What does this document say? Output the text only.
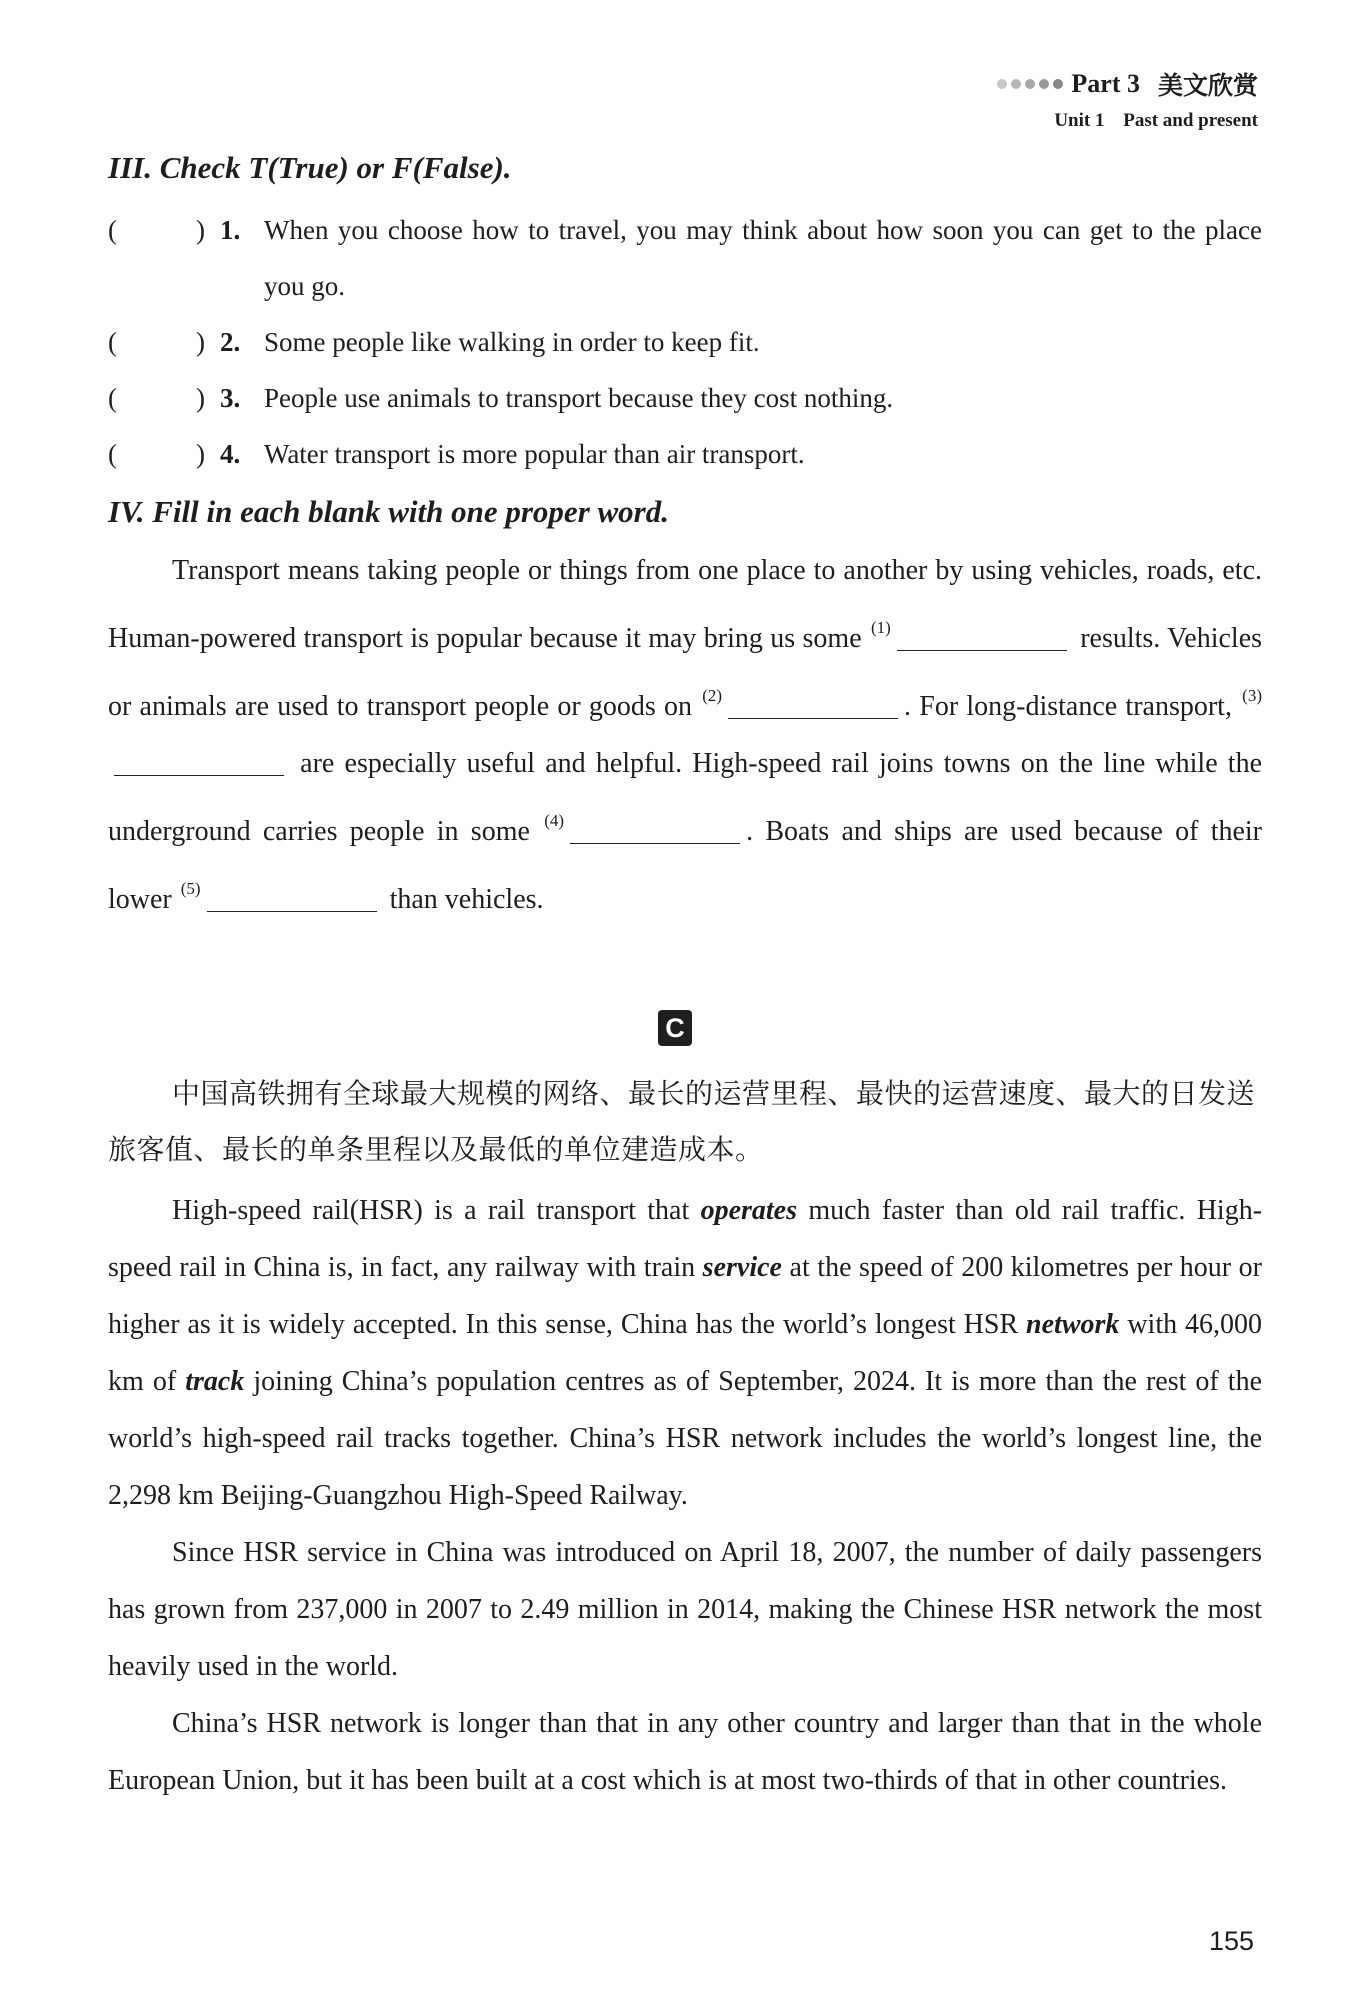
Part 3 美文欣赏
Unit 1 Past and present
III. Check T(True) or F(False).
(	) 1. When you choose how to travel, you may think about how soon you can get to the place you go.
(	) 2. Some people like walking in order to keep fit.
(	) 3. People use animals to transport because they cost nothing.
(	) 4. Water transport is more popular than air transport.
IV. Fill in each blank with one proper word.

Transport means taking people or things from one place to another by using vehicles, roads, etc. Human-powered transport is popular because it may bring us some $^{(1)}$	results. Vehicles or animals are used to transport people or goods on $^{(2)}$	. For long-distance transport, $^{(3)}$ are especially useful and helpful. High-speed rail joins towns on the line while the underground carries people in some $^{(4)}$	. Boats and ships are used because of their lower $^{(5)}$	than vehicles.

C

中国高铁拥有全球最大规模的网络、最长的运营里程、最快的运营速度、最大的日发送旅客值、最长的单条里程以及最低的单位建造成本。

High-speed rail(HSR) is a rail transport that operates much faster than old rail traffic. High-speed rail in China is, in fact, any railway with train service at the speed of 200 kilometres per hour or higher as it is widely accepted. In this sense, China has the world’s longest HSR network with 46,000 km of track joining China’s population centres as of September, 2024. It is more than the rest of the world’s high-speed rail tracks together. China’s HSR network includes the world’s longest line, the 2,298 km Beijing-Guangzhou High-Speed Railway.

Since HSR service in China was introduced on April 18, 2007, the number of daily passengers has grown from 237,000 in 2007 to 2.49 million in 2014, making the Chinese HSR network the most heavily used in the world.

China’s HSR network is longer than that in any other country and larger than that in the whole European Union, but it has been built at a cost which is at most two-thirds of that in other countries.

155
